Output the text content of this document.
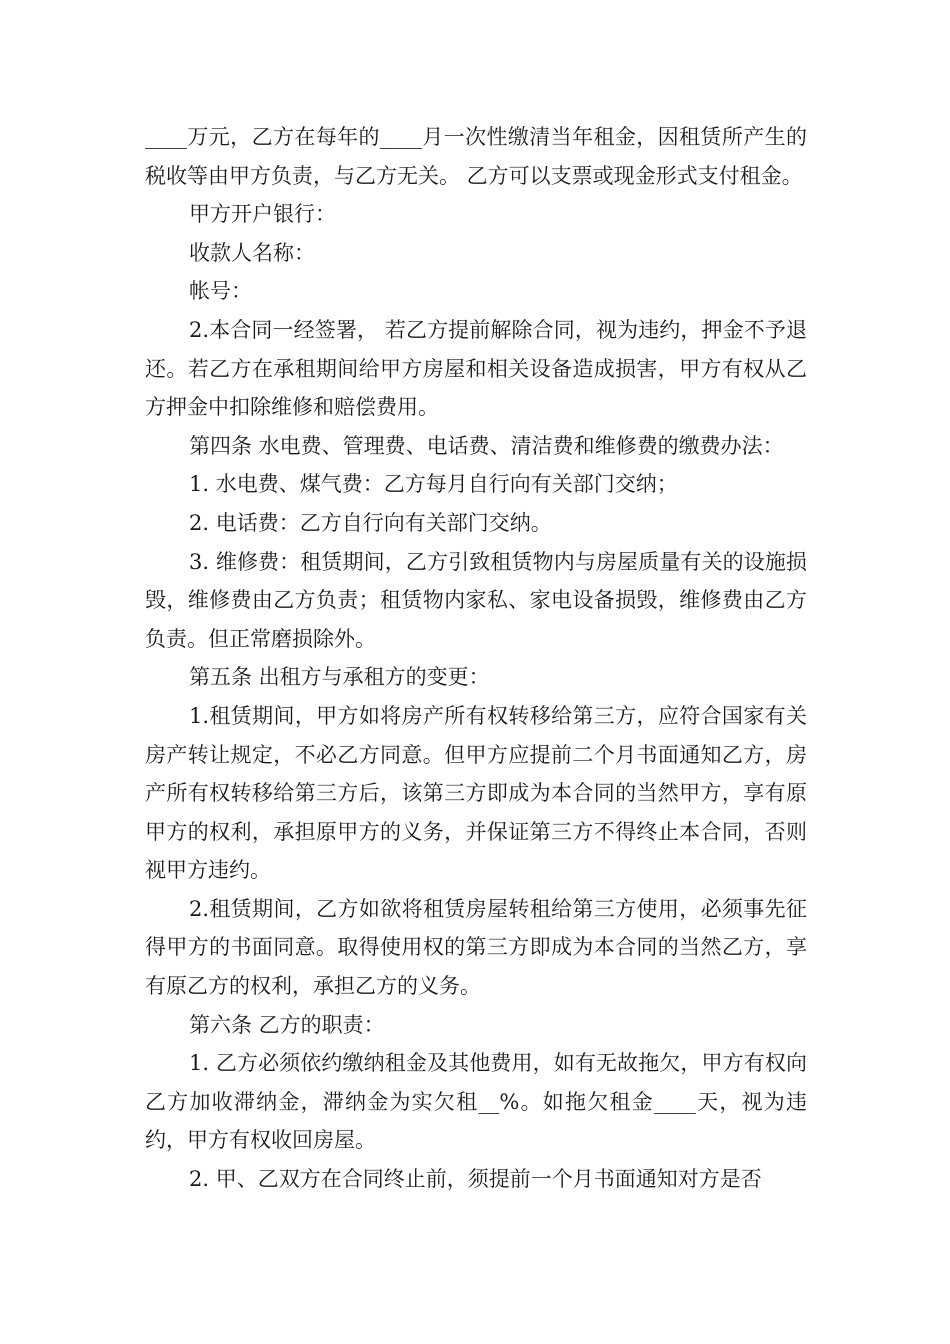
____万元，乙方在每年的____月一次性缴清当年租金，因租赁所产生的税收等由甲方负责，与乙方无关。 乙方可以支票或现金形式支付租金。

甲方开户银行：

收款人名称：

帐号：

2.本合同一经签署， 若乙方提前解除合同，视为违约，押金不予退还。若乙方在承租期间给甲方房屋和相关设备造成损害，甲方有权从乙方押金中扣除维修和赔偿费用。

第四条 水电费、管理费、电话费、清洁费和维修费的缴费办法：

1. 水电费、煤气费：乙方每月自行向有关部门交纳；

2. 电话费：乙方自行向有关部门交纳。

3. 维修费：租赁期间，乙方引致租赁物内与房屋质量有关的设施损毁，维修费由乙方负责；租赁物内家私、家电设备损毁，维修费由乙方负责。但正常磨损除外。

第五条 出租方与承租方的变更：

1.租赁期间，甲方如将房产所有权转移给第三方，应符合国家有关房产转让规定，不必乙方同意。但甲方应提前二个月书面通知乙方，房产所有权转移给第三方后，该第三方即成为本合同的当然甲方，享有原甲方的权利，承担原甲方的义务，并保证第三方不得终止本合同，否则视甲方违约。

2.租赁期间，乙方如欲将租赁房屋转租给第三方使用，必须事先征得甲方的书面同意。取得使用权的第三方即成为本合同的当然乙方，享有原乙方的权利，承担乙方的义务。

第六条 乙方的职责：

1. 乙方必须依约缴纳租金及其他费用，如有无故拖欠，甲方有权向乙方加收滞纳金，滞纳金为实欠租__%。如拖欠租金____天，视为违约，甲方有权收回房屋。

2. 甲、乙双方在合同终止前，须提前一个月书面通知对方是否
